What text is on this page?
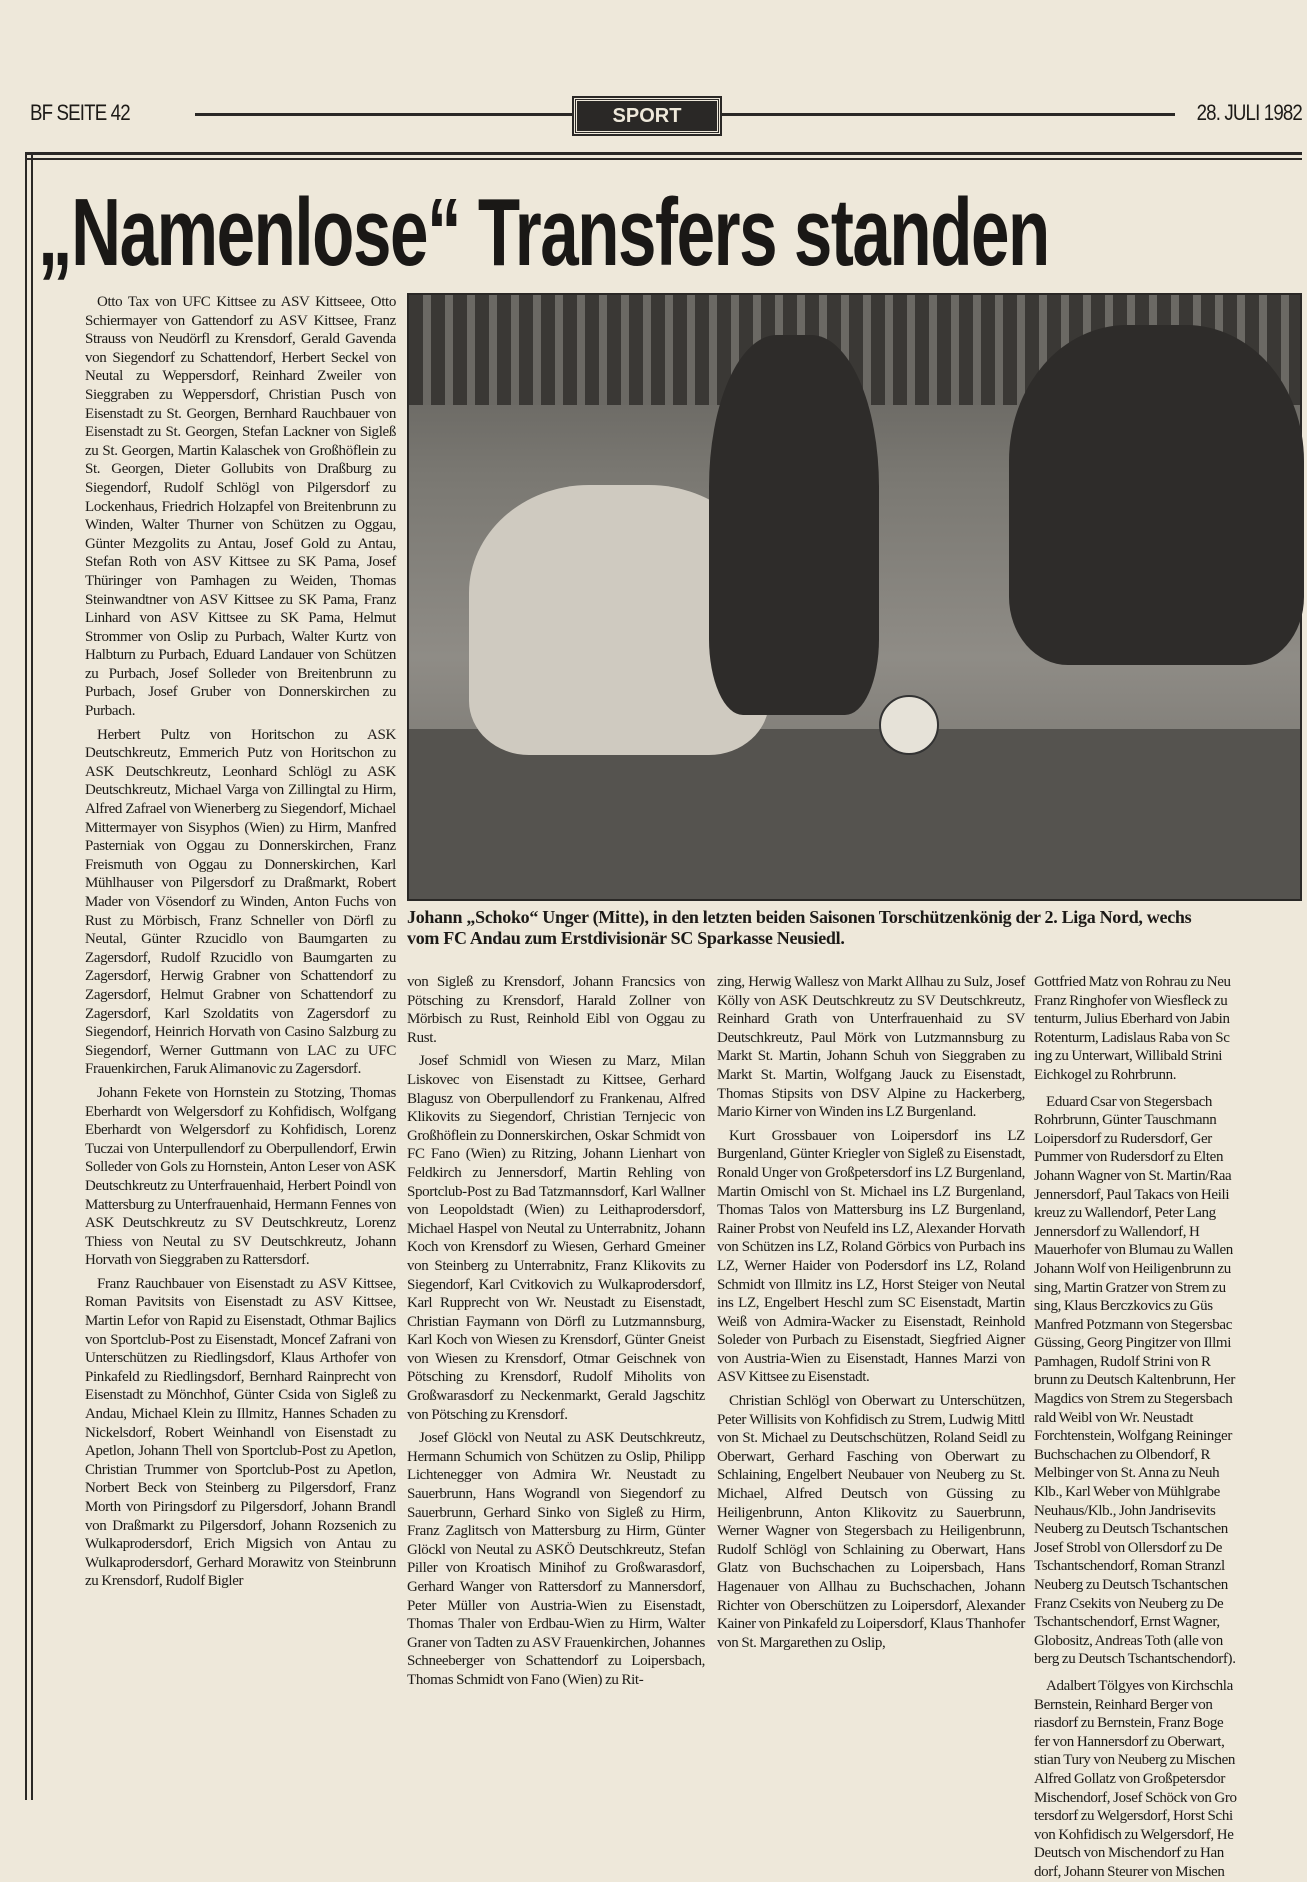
BF SEITE 42	SPORT	28. JULI 1982
„Namenlose“ Transfers standen
Johann „Schoko“ Unger (Mitte), in den letzten beiden Saisonen Torschützenkönig der 2. Liga Nord, wechs
vom FC Andau zum Erstdivisionär SC Sparkasse Neusiedl.

Otto Tax von UFC Kittsee zu ASV Kittseee, Otto Schiermayer von Gattendorf zu ASV Kittsee, Franz Strauss von Neudörfl zu Krensdorf, Gerald Gavenda von Siegendorf zu Schattendorf, Herbert Seckel von Neutal zu Weppersdorf, Reinhard Zweiler von Sieggraben zu Weppersdorf, Christian Pusch von Eisenstadt zu St. Georgen, Bernhard Rauchbauer von Eisenstadt zu St. Georgen, Stefan Lackner von Sigleß zu St. Georgen, Martin Kalaschek von Großhöflein zu St. Georgen, Dieter Gollubits von Draßburg zu Siegendorf, Rudolf Schlögl von Pilgersdorf zu Lockenhaus, Friedrich Holzapfel von Breitenbrunn zu Winden, Walter Thurner von Schützen zu Oggau, Günter Mezgolits zu Antau, Josef Gold zu Antau, Stefan Roth von ASV Kittsee zu SK Pama, Josef Thüringer von Pamhagen zu Weiden, Thomas Steinwandtner von ASV Kittsee zu SK Pama, Franz Linhard von ASV Kittsee zu SK Pama, Helmut Strommer von Oslip zu Purbach, Walter Kurtz von Halbturn zu Purbach, Eduard Landauer von Schützen zu Purbach, Josef Solleder von Breitenbrunn zu Purbach, Josef Gruber von Donnerskirchen zu Purbach.

Herbert Pultz von Horitschon zu ASK Deutschkreutz, Emmerich Putz von Horitschon zu ASK Deutschkreutz, Leonhard Schlögl zu ASK Deutschkreutz, Michael Varga von Zillingtal zu Hirm, Alfred Zafrael von Wienerberg zu Siegendorf, Michael Mittermayer von Sisyphos (Wien) zu Hirm, Manfred Pasterniak von Oggau zu Donnerskirchen, Franz Freismuth von Oggau zu Donnerskirchen, Karl Mühlhauser von Pilgersdorf zu Draßmarkt, Robert Mader von Vösendorf zu Winden, Anton Fuchs von Rust zu Mörbisch, Franz Schneller von Dörfl zu Neutal, Günter Rzucidlo von Baumgarten zu Zagersdorf, Rudolf Rzucidlo von Baumgarten zu Zagersdorf, Herwig Grabner von Schattendorf zu Zagersdorf, Helmut Grabner von Schattendorf zu Zagersdorf, Karl Szoldatits von Zagersdorf zu Siegendorf, Heinrich Horvath von Casino Salzburg zu Siegendorf, Werner Guttmann von LAC zu UFC Frauenkirchen, Faruk Alimanovic zu Zagersdorf.

Johann Fekete von Hornstein zu Stotzing, Thomas Eberhardt von Welgersdorf zu Kohfidisch, Wolfgang Eberhardt von Welgersdorf zu Kohfidisch, Lorenz Tuczai von Unterpullendorf zu Oberpullendorf, Erwin Solleder von Gols zu Hornstein, Anton Leser von ASK Deutschkreutz zu Unterfrauenhaid, Herbert Poindl von Mattersburg zu Unterfrauenhaid, Hermann Fennes von ASK Deutschkreutz zu SV Deutschkreutz, Lorenz Thiess von Neutal zu SV Deutschkreutz, Johann Horvath von Sieggraben zu Rattersdorf.

Franz Rauchbauer von Eisenstadt zu ASV Kittsee, Roman Pavitsits von Eisenstadt zu ASV Kittsee, Martin Lefor von Rapid zu Eisenstadt, Othmar Bajlics von Sportclub-Post zu Eisenstadt, Moncef Zafrani von Unterschützen zu Riedlingsdorf, Klaus Arthofer von Pinkafeld zu Riedlingsdorf, Bernhard Rainprecht von Eisenstadt zu Mönchhof, Günter Csida von Sigleß zu Andau, Michael Klein zu Illmitz, Hannes Schaden zu Nickelsdorf, Robert Weinhandl von Eisenstadt zu Apetlon, Johann Thell von Sportclub-Post zu Apetlon, Christian Trummer von Sportclub-Post zu Apetlon, Norbert Beck von Steinberg zu Pilgersdorf, Franz Morth von Piringsdorf zu Pilgersdorf, Johann Brandl von Draßmarkt zu Pilgersdorf, Johann Rozsenich zu Wulkaprodersdorf, Erich Migsich von Antau zu Wulkaprodersdorf, Gerhard Morawitz von Steinbrunn zu Krensdorf, Rudolf Bigler

von Sigleß zu Krensdorf, Johann Francsics von Pötsching zu Krensdorf, Harald Zollner von Mörbisch zu Rust, Reinhold Eibl von Oggau zu Rust.

Josef Schmidl von Wiesen zu Marz, Milan Liskovec von Eisenstadt zu Kittsee, Gerhard Blagusz von Oberpullendorf zu Frankenau, Alfred Klikovits zu Siegendorf, Christian Ternjecic von Großhöflein zu Donnerskirchen, Oskar Schmidt von FC Fano (Wien) zu Ritzing, Johann Lienhart von Feldkirch zu Jennersdorf, Martin Rehling von Sportclub-Post zu Bad Tatzmannsdorf, Karl Wallner von Leopoldstadt (Wien) zu Leithaprodersdorf, Michael Haspel von Neutal zu Unterrabnitz, Johann Koch von Krensdorf zu Wiesen, Gerhard Gmeiner von Steinberg zu Unterrabnitz, Franz Klikovits zu Siegendorf, Karl Cvitkovich zu Wulkaprodersdorf, Karl Rupprecht von Wr. Neustadt zu Eisenstadt, Christian Faymann von Dörfl zu Lutzmannsburg, Karl Koch von Wiesen zu Krensdorf, Günter Gneist von Wiesen zu Krensdorf, Otmar Geischnek von Pötsching zu Krensdorf, Rudolf Miholits von Großwarasdorf zu Neckenmarkt, Gerald Jagschitz von Pötsching zu Krensdorf.

Josef Glöckl von Neutal zu ASK Deutschkreutz, Hermann Schumich von Schützen zu Oslip, Philipp Lichtenegger von Admira Wr. Neustadt zu Sauerbrunn, Hans Wograndl von Siegendorf zu Sauerbrunn, Gerhard Sinko von Sigleß zu Hirm, Franz Zaglitsch von Mattersburg zu Hirm, Günter Glöckl von Neutal zu ASKÖ Deutschkreutz, Stefan Piller von Kroatisch Minihof zu Großwarasdorf, Gerhard Wanger von Rattersdorf zu Mannersdorf, Peter Müller von Austria-Wien zu Eisenstadt, Thomas Thaler von Erdbau-Wien zu Hirm, Walter Graner von Tadten zu ASV Frauenkirchen, Johannes Schneeberger von Schattendorf zu Loipersbach, Thomas Schmidt von Fano (Wien) zu Rit-

zing, Herwig Wallesz von Markt Allhau zu Sulz, Josef Kölly von ASK Deutschkreutz zu SV Deutschkreutz, Reinhard Grath von Unterfrauenhaid zu SV Deutschkreutz, Paul Mörk von Lutzmannsburg zu Markt St. Martin, Johann Schuh von Sieggraben zu Markt St. Martin, Wolfgang Jauck zu Eisenstadt, Thomas Stipsits von DSV Alpine zu Hackerberg, Mario Kirner von Winden ins LZ Burgenland.

Kurt Grossbauer von Loipersdorf ins LZ Burgenland, Günter Kriegler von Sigleß zu Eisenstadt, Ronald Unger von Großpetersdorf ins LZ Burgenland, Martin Omischl von St. Michael ins LZ Burgenland, Thomas Talos von Mattersburg ins LZ Burgenland, Rainer Probst von Neufeld ins LZ, Alexander Horvath von Schützen ins LZ, Roland Görbics von Purbach ins LZ, Werner Haider von Podersdorf ins LZ, Roland Schmidt von Illmitz ins LZ, Horst Steiger von Neutal ins LZ, Engelbert Heschl zum SC Eisenstadt, Martin Weiß von Admira-Wacker zu Eisenstadt, Reinhold Soleder von Purbach zu Eisenstadt, Siegfried Aigner von Austria-Wien zu Eisenstadt, Hannes Marzi von ASV Kittsee zu Eisenstadt.

Christian Schlögl von Oberwart zu Unterschützen, Peter Willisits von Kohfidisch zu Strem, Ludwig Mittl von St. Michael zu Deutschschützen, Roland Seidl zu Oberwart, Gerhard Fasching von Oberwart zu Schlaining, Engelbert Neubauer von Neuberg zu St. Michael, Alfred Deutsch von Güssing zu Heiligenbrunn, Anton Klikovitz zu Sauerbrunn, Werner Wagner von Stegersbach zu Heiligenbrunn, Rudolf Schlögl von Schlaining zu Oberwart, Hans Glatz von Buchschachen zu Loipersbach, Hans Hagenauer von Allhau zu Buchschachen, Johann Richter von Oberschützen zu Loipersdorf, Alexander Kainer von Pinkafeld zu Loipersdorf, Klaus Thanhofer von St. Margarethen zu Oslip,

Gottfried Matz von Rohrau zu Neu
Franz Ringhofer von Wiesfleck zu
tenturm, Julius Eberhard von Jabin
Rotenturm, Ladislaus Raba von Sc
ing zu Unterwart, Willibald Strini
Eichkogel zu Rohrbrunn.

Eduard Csar von Stegersbach
Rohrbrunn, Günter Tauschmann
Loipersdorf zu Rudersdorf, Ger
Pummer von Rudersdorf zu Elten
Johann Wagner von St. Martin/Raa
Jennersdorf, Paul Takacs von Heili
kreuz zu Wallendorf, Peter Lang
Jennersdorf zu Wallendorf, H
Mauerhofer von Blumau zu Wallen
Johann Wolf von Heiligenbrunn zu
sing, Martin Gratzer von Strem zu
sing, Klaus Berczkovics zu Güs
Manfred Potzmann von Stegersbac
Güssing, Georg Pingitzer von Illmi
Pamhagen, Rudolf Strini von R
brunn zu Deutsch Kaltenbrunn, Her
Magdics von Strem zu Stegersbach
rald Weibl von Wr. Neustadt
Forchtenstein, Wolfgang Reininger
Buchschachen zu Olbendorf, R
Melbinger von St. Anna zu Neuh
Klb., Karl Weber von Mühlgrabe
Neuhaus/Klb., John Jandrisevits
Neuberg zu Deutsch Tschantschen
Josef Strobl von Ollersdorf zu De
Tschantschendorf, Roman Stranzl
Neuberg zu Deutsch Tschantschen
Franz Csekits von Neuberg zu De
Tschantschendorf, Ernst Wagner,
Globositz, Andreas Toth (alle von
berg zu Deutsch Tschantschendorf).

Adalbert Tölgyes von Kirchschla
Bernstein, Reinhard Berger von
riasdorf zu Bernstein, Franz Boge
fer von Hannersdorf zu Oberwart,
stian Tury von Neuberg zu Mischen
Alfred Gollatz von Großpetersdor
Mischendorf, Josef Schöck von Gro
tersdorf zu Welgersdorf, Horst Schi
von Kohfidisch zu Welgersdorf, He
Deutsch von Mischendorf zu Han
dorf, Johann Steurer von Mischen
